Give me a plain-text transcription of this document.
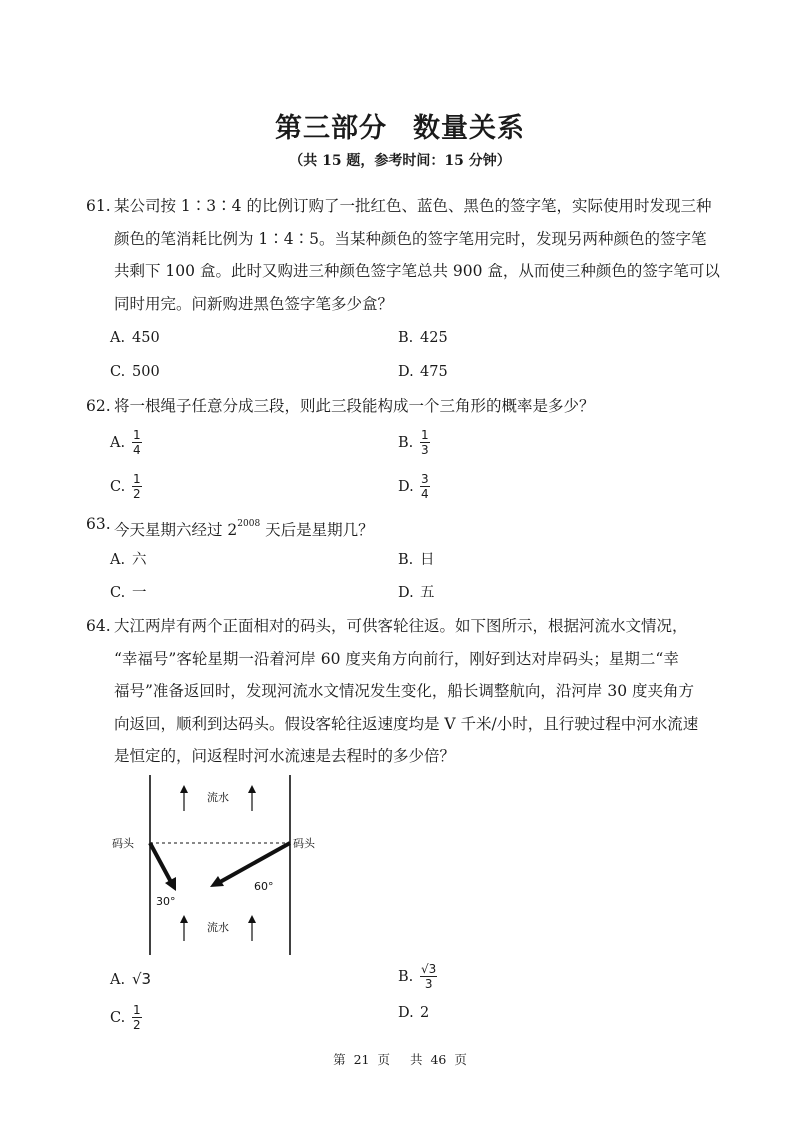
第三部分 数量关系
（共 15 题，参考时间：15 分钟）
61. 某公司按 1∶3∶4 的比例订购了一批红色、蓝色、黑色的签字笔，实际使用时发现三种
颜色的笔消耗比例为 1∶4∶5。当某种颜色的签字笔用完时，发现另两种颜色的签字笔
共剩下 100 盒。此时又购进三种颜色签字笔总共 900 盒，从而使三种颜色的签字笔可以
同时用完。问新购进黑色签字笔多少盒？
A. 450	B. 425
C. 500	D. 475
62. 将一根绳子任意分成三段，则此三段能构成一个三角形的概率是多少？
A. $\frac{1}{4}$	B. $\frac{1}{3}$
C. $\frac{1}{2}$	D. $\frac{3}{4}$
63. 今天星期六经过 $2^{2008}$ 天后是星期几？
A. 六	B. 日
C. 一	D. 五
64. 大江两岸有两个正面相对的码头，可供客轮往返。如下图所示，根据河流水文情况，
“幸福号”客轮星期一沿着河岸 60 度夹角方向前行，刚好到达对岸码头；星期二“幸
福号”准备返回时，发现河流水文情况发生变化，船长调整航向，沿河岸 30 度夹角方
向返回，顺利到达码头。假设客轮往返速度均是 V 千米/小时，且行驶过程中河水流速
是恒定的，问返程时河水流速是去程时的多少倍？
流水
流水
码头	码头
30°
60°
A. √3	B. $\frac{√3}{3}$
C. $\frac{1}{2}$	D. 2
第 21 页 共 46 页
